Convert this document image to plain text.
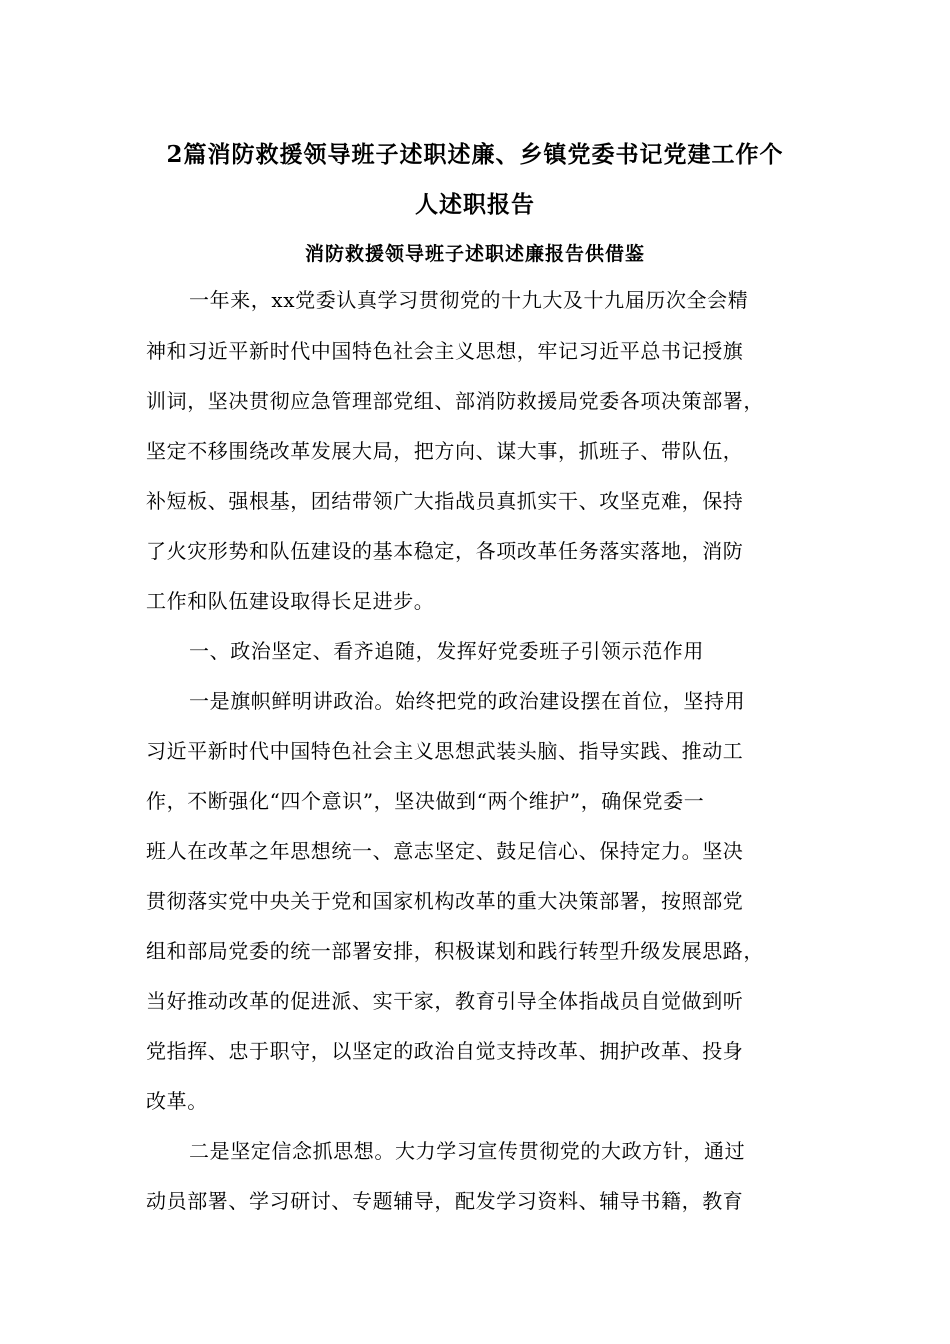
2篇消防救援领导班子述职述廉、乡镇党委书记党建工作个
人述职报告
消防救援领导班子述职述廉报告供借鉴
一年来，xx党委认真学习贯彻党的十九大及十九届历次全会精
神和习近平新时代中国特色社会主义思想，牢记习近平总书记授旗
训词，坚决贯彻应急管理部党组、部消防救援局党委各项决策部署，
坚定不移围绕改革发展大局，把方向、谋大事，抓班子、带队伍，
补短板、强根基，团结带领广大指战员真抓实干、攻坚克难，保持
了火灾形势和队伍建设的基本稳定，各项改革任务落实落地，消防
工作和队伍建设取得长足进步。
一、政治坚定、看齐追随，发挥好党委班子引领示范作用
一是旗帜鲜明讲政治。始终把党的政治建设摆在首位，坚持用
习近平新时代中国特色社会主义思想武装头脑、指导实践、推动工
作，不断强化“四个意识”，坚决做到“两个维护”，确保党委一
班人在改革之年思想统一、意志坚定、鼓足信心、保持定力。坚决
贯彻落实党中央关于党和国家机构改革的重大决策部署，按照部党
组和部局党委的统一部署安排，积极谋划和践行转型升级发展思路，
当好推动改革的促进派、实干家，教育引导全体指战员自觉做到听
党指挥、忠于职守，以坚定的政治自觉支持改革、拥护改革、投身
改革。
二是坚定信念抓思想。大力学习宣传贯彻党的大政方针，通过
动员部署、学习研讨、专题辅导，配发学习资料、辅导书籍，教育
